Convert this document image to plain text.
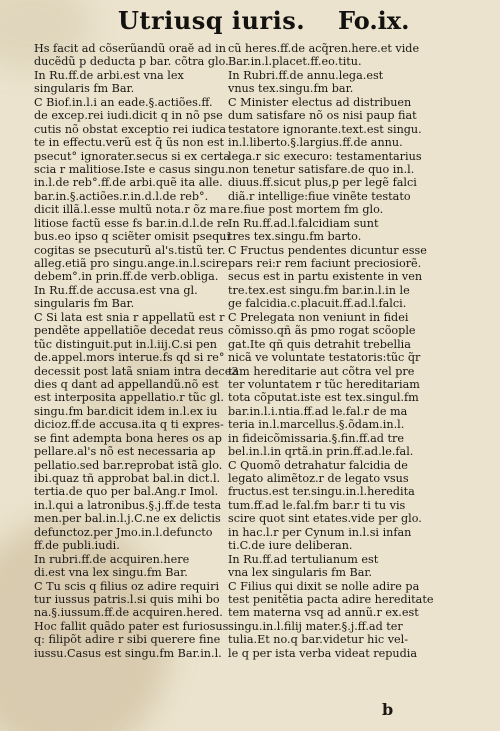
Utriusq iuris. Fo.ix.
Hs facit ad cõserũandũ oraĕ ad in
ducẽdũ p deducta p bar. cõtra glo.
In Ru.ff.de arbi.est vna lex
singularis fm Bar.
C Biof.in.l.i an eade.§.actiões.ff.
de excep.rei iudi.dicit q in nõ pse
cutis nõ obstat exceptio rei iudica
te in effectu.verũ est q̃ ũs non est
psecut° ignorater.secus si ex certa
scia r malitiose.Iste e casus singu.
in.l.de reb°.ff.de arbi.quẽ ita alle.
bar.in.§.actiões.r.in.d.l.de reb°.
dicit illã.l.esse multũ nota.r õz ma
litiose factũ esse fs bar.in.d.l.de re
bus.eo ipso q sciẽter omisit psequi
cogitas se psecuturũ al's.tistũ ter.
alleg.etiã pro singu.ange.in.l.scire
debem°.in prin.ff.de verb.obliga.
In Ru.ff.de accusa.est vna gl.
singularis fm Bar.
C Si lata est snia r appellatũ est r
pendẽte appellatiõe decedat reus
tũc distinguit.put in.l.iij.C.si pen
de.appel.mors interue.fs qd si re°
decessit post latã sniam intra dece3
dies q dant ad appellandũ.nõ est
est interposita appellatio.r tũc gl.
singu.fm bar.dicit idem in.l.ex iu
dicioz.ff.de accusa.ita q ti expres-
se fint adempta bona heres os ap
pellare.al's nõ est necessaria ap
pellatio.sed bar.reprobat istã glo.
ibi.quaz tñ approbat bal.in dict.l.
tertia.de quo per bal.Ang.r Imol.
in.l.qui a latronibus.§.j.ff.de testa
men.per bal.in.l.j.C.ne ex delictis
defunctoz.per Jmo.in.l.defuncto
ff.de publi.iudi.
In rubri.ff.de acquiren.here
di.est vna lex singu.fm Bar.
C Tu scis q filius oz adire requiri
tur iussus patris.l.si quis mihi bo
na.§.iussum.ff.de acquiren.hered.
Hoc fallit quãdo pater est furiosus
q: filipõt adire r sibi querere fine
iussu.Casus est singu.fm Bar.in.l.
cũ heres.ff.de acq̃ren.here.et vide
Bar.in.l.placet.ff.eo.titu.
In Rubri.ff.de annu.lega.est
vnus tex.singu.fm bar.
C Minister electus ad distribuen
dum satisfare nõ os nisi paup fiat
testatore ignorante.text.est singu.
in.l.liberto.§.largius.ff.de annu.
lega.r sic execuro: testamentarius
non tenetur satisfare.de quo in.l.
diuus.ff.sicut plus,p per legẽ falci
diã.r intellige:fiue vinẽte testato
re.fiue post mortem fm glo.
In Ru.ff.ad.l.falcidiam sunt
tres tex.singu.fm barto.
C Fructus pendentes dicuntur esse
pars rei:r rem faciunt preciosiorẽ.
secus est in partu existente in ven
tre.tex.est singu.fm bar.in.l.in le
ge falcidia.c.placuit.ff.ad.l.falci.
C Prelegata non veniunt in fidei
cõmisso.qñ ãs pmo rogat scõople
gat.Ite qñ quis detrahit trebellia
nicã ve voluntate testatoris:tũc q̃r
tam hereditarie aut cõtra vel pre
ter voluntatem r tũc hereditariam
tota cõputat.iste est tex.singul.fm
bar.in.l.i.ntia.ff.ad le.fal.r de ma
teria in.l.marcellus.§.õdam.in.l.
in fideicõmissaria.§.fin.ff.ad tre
bel.in.l.in qrtã.in prin.ff.ad.le.fal.
C Quomõ detrahatur falcidia de
legato alimẽtoz.r de legato vsus
fructus.est ter.singu.in.l.heredita
tum.ff.ad le.fal.fm bar.r ti tu vis
scire quot sint etates.vide per glo.
in hac.l.r per Cynum in.l.si infan
ti.C.de iure deliberan.
In Ru.ff.ad tertulianum est
vna lex singularis fm Bar.
C Filius qui dixit se nolle adire pa
test penitẽtia pacta adire hereditate
tem materna vsq ad annũ.r ex.est
singu.in.l.filij mater.§.j.ff.ad ter
tulia.Et no.q bar.videtur hic vel-
le q per ista verba videat repudia
b
